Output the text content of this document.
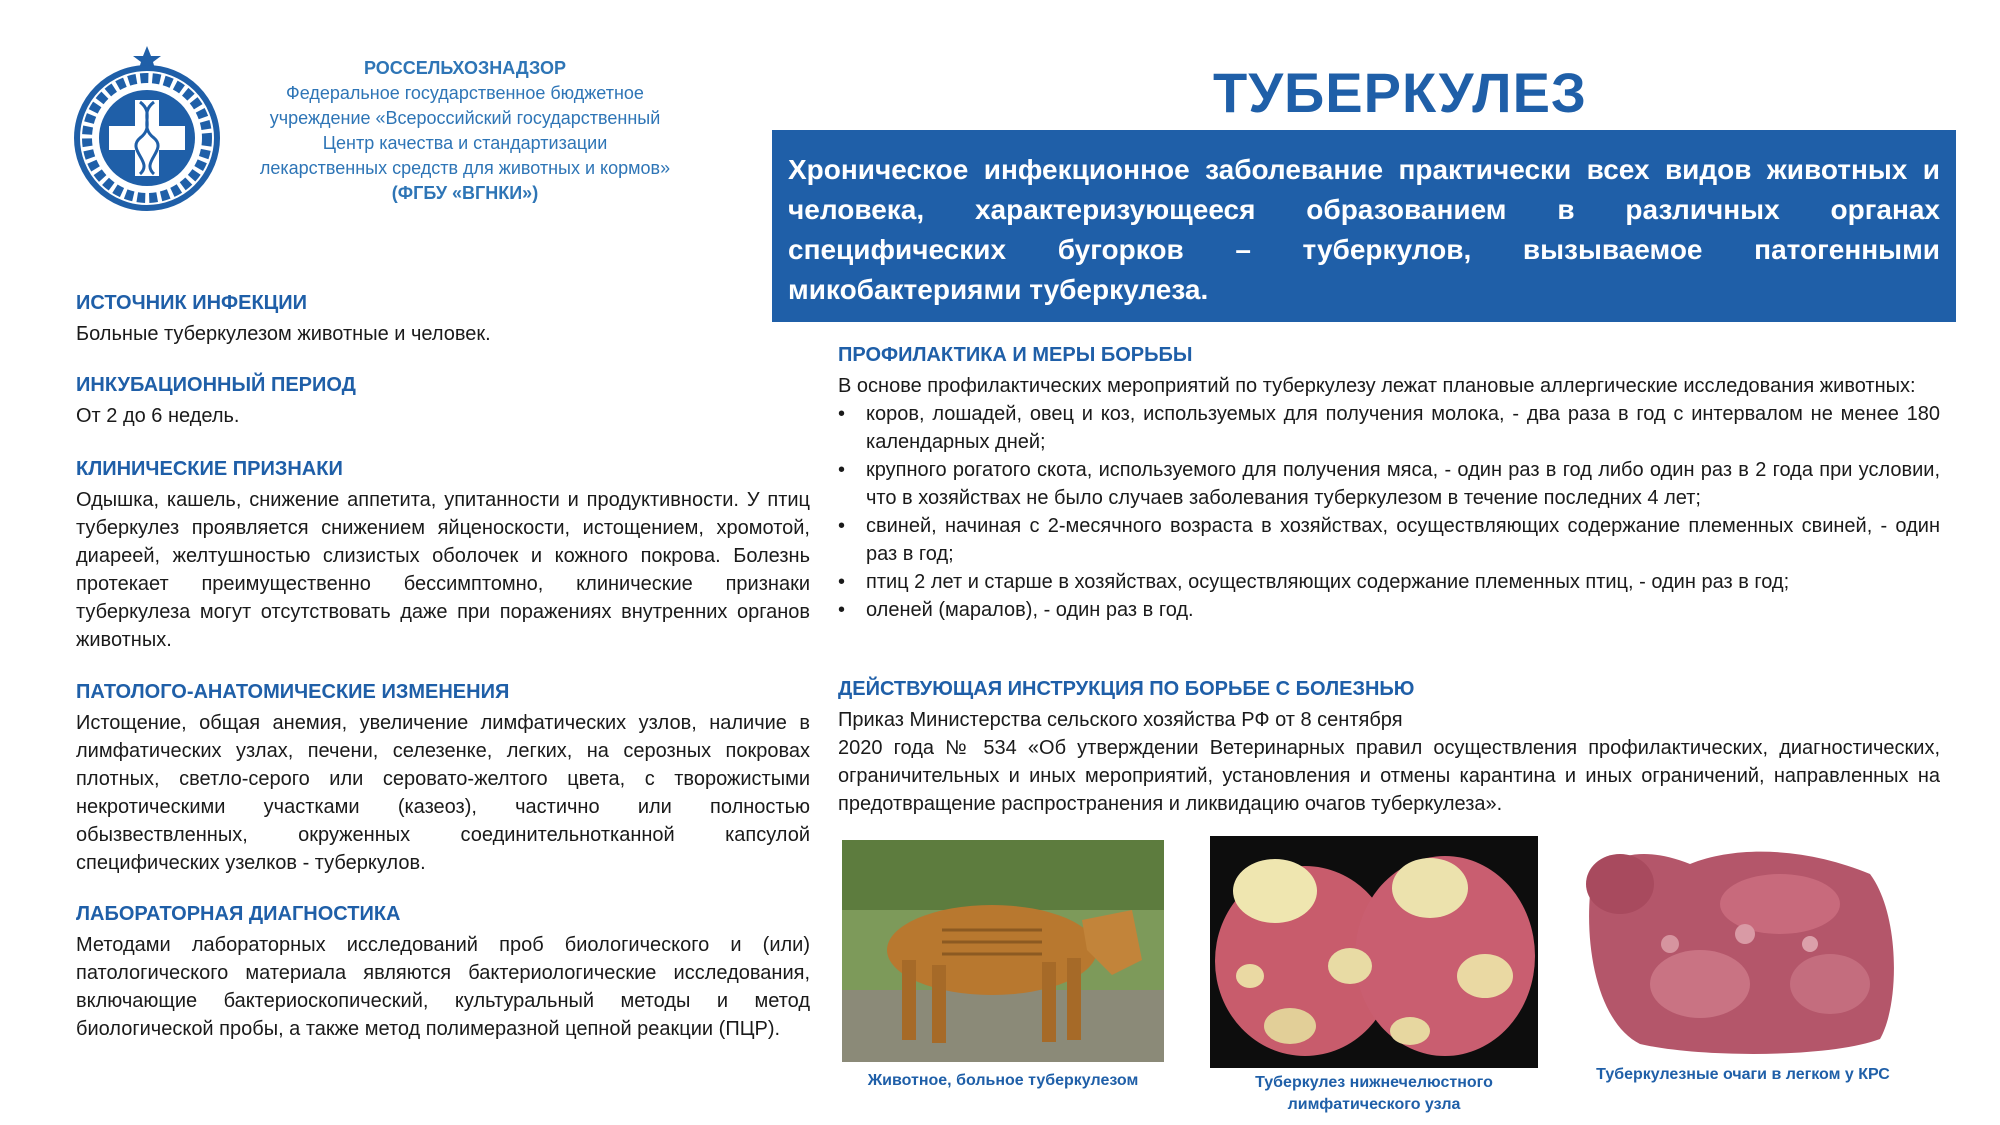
РОССЕЛЬХОЗНАДЗОР
Федеральное государственное бюджетное
учреждение «Всероссийский государственный
Центр качества и стандартизации
лекарственных средств для животных и кормов»
(ФГБУ «ВГНКИ»)
ТУБЕРКУЛЕЗ

Хроническое инфекционное заболевание практически всех видов животных и человека, характеризующееся образованием в различных органах специфических бугорков – туберкулов, вызываемое патогенными микобактериями туберкулеза.

ИСТОЧНИК ИНФЕКЦИИ

Больные туберкулезом животные и человек.

ИНКУБАЦИОННЫЙ ПЕРИОД

От 2 до 6 недель.

КЛИНИЧЕСКИЕ ПРИЗНАКИ

Одышка, кашель, снижение аппетита, упитанности и продуктивности. У птиц туберкулез проявляется снижением яйценоскости, истощением, хромотой, диареей, желтушностью слизистых оболочек и кожного покрова. Болезнь протекает преимущественно бессимптомно, клинические признаки туберкулеза могут отсутствовать даже при поражениях внутренних органов животных.

ПАТОЛОГО-АНАТОМИЧЕСКИЕ ИЗМЕНЕНИЯ

Истощение, общая анемия, увеличение лимфатических узлов, наличие в лимфатических узлах, печени, селезенке, легких, на серозных покровах плотных, светло-серого или серовато-желтого цвета, с творожистыми некротическими участками (казеоз), частично или полностью обызвествленных, окруженных соединительнотканной капсулой специфических узелков - туберкулов.

ЛАБОРАТОРНАЯ ДИАГНОСТИКА

Методами лабораторных исследований проб биологического и (или) патологического материала являются бактериологические исследования, включающие бактериоскопический, культуральный методы и метод биологической пробы, а также метод полимеразной цепной реакции (ПЦР).

ПРОФИЛАКТИКА И МЕРЫ БОРЬБЫ

В основе профилактических мероприятий по туберкулезу лежат плановые аллергические исследования животных:

• коров, лошадей, овец и коз, используемых для получения молока, - два раза в год с интервалом не менее 180 календарных дней;
• крупного рогатого скота, используемого для получения мяса, - один раз в год либо один раз в 2 года при условии, что в хозяйствах не было случаев заболевания туберкулезом в течение последних 4 лет;
• свиней, начиная с 2-месячного возраста в хозяйствах, осуществляющих содержание племенных свиней, - один раз в год;
• птиц 2 лет и старше в хозяйствах, осуществляющих содержание племенных птиц, - один раз в год;
• оленей (маралов), - один раз в год.
ДЕЙСТВУЮЩАЯ ИНСТРУКЦИЯ ПО БОРЬБЕ С БОЛЕЗНЬЮ

Приказ Министерства сельского хозяйства РФ от 8 сентября

2020 года № 534 «Об утверждении Ветеринарных правил осуществления профилактических, диагностических, ограничительных и иных мероприятий, установления и отмены карантина и иных ограничений, направленных на предотвращение распространения и ликвидацию очагов туберкулеза».

Животное, больное туберкулезом	Туберкулез нижнечелюстного
лимфатического узла
Туберкулезные очаги в легком у КРС
